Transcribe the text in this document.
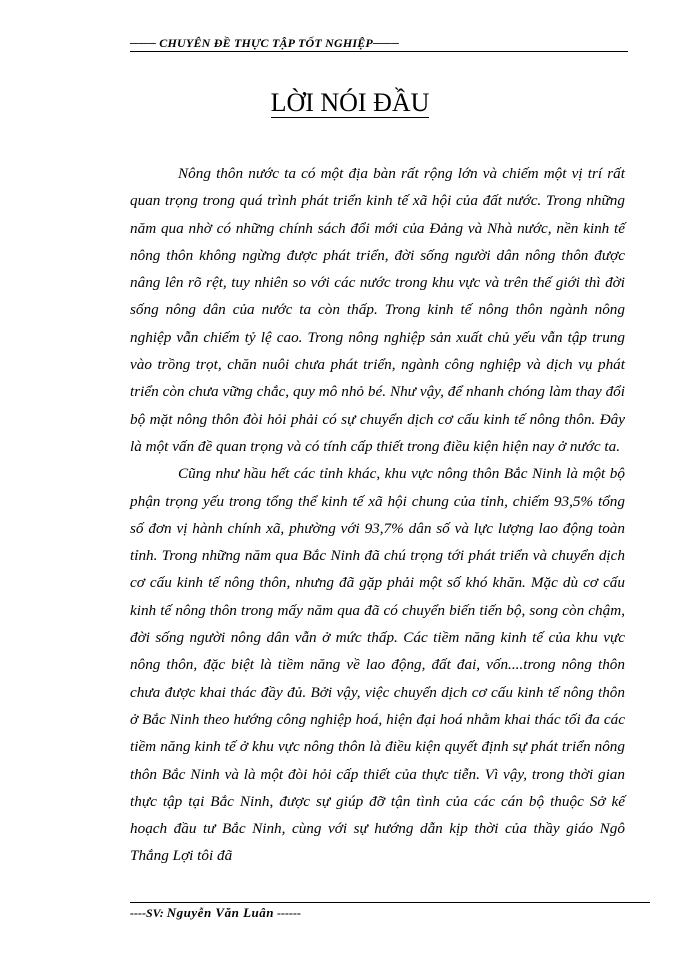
─── CHUYÊN ĐỀ THỰC TẬP TỐT NGHIỆP───
LỜI NÓI ĐẦU

Nông thôn nước ta có một địa bàn rất rộng lớn và chiếm một vị trí rất quan trọng trong quá trình phát triển kinh tế xã hội của đất nước. Trong những năm qua nhờ có những chính sách đổi mới của Đảng và Nhà nước, nền kinh tế nông thôn không ngừng được phát triển, đời sống người dân nông thôn được nâng lên rõ rệt, tuy nhiên so với các nước trong khu vực và trên thế giới thì đời sống nông dân của nước ta còn thấp. Trong kinh tế nông thôn ngành nông nghiệp vẫn chiếm tỷ lệ cao. Trong nông nghiệp sản xuất chủ yếu vẫn tập trung vào trồng trọt, chăn nuôi chưa phát triển, ngành công nghiệp và dịch vụ phát triển còn chưa vững chắc, quy mô nhỏ bé. Như vậy, để nhanh chóng làm thay đổi bộ mặt nông thôn đòi hỏi phải có sự chuyển dịch cơ cấu kinh tế nông thôn. Đây là một vấn đề quan trọng và có tính cấp thiết trong điều kiện hiện nay ở nước ta.

Cũng như hầu hết các tỉnh khác, khu vực nông thôn Bắc Ninh là một bộ phận trọng yếu trong tổng thể kinh tế xã hội chung của tỉnh, chiếm 93,5% tổng số đơn vị hành chính xã, phường với 93,7% dân số và lực lượng lao động toàn tỉnh. Trong những năm qua Bắc Ninh đã chú trọng tới phát triển và chuyển dịch cơ cấu kinh tế nông thôn, nhưng đã gặp phải một số khó khăn. Mặc dù cơ cấu kinh tế nông thôn trong mấy năm qua đã có chuyển biến tiến bộ, song còn chậm, đời sống người nông dân vẫn ở mức thấp. Các tiềm năng kinh tế của khu vực nông thôn, đặc biệt là tiềm năng về lao động, đất đai, vốn....trong nông thôn chưa được khai thác đầy đủ. Bởi vậy, việc chuyển dịch cơ cấu kinh tế nông thôn ở Bắc Ninh theo hướng công nghiệp hoá, hiện đại hoá nhằm khai thác tối đa các tiềm năng kinh tế ở khu vực nông thôn là điều kiện quyết định sự phát triển nông thôn Bắc Ninh và là một đòi hỏi cấp thiết của thực tiễn. Vì vậy, trong thời gian thực tập tại Bắc Ninh, được sự giúp đỡ tận tình của các cán bộ thuộc Sở kế hoạch đầu tư Bắc Ninh, cùng với sự hướng dẫn kịp thời của thầy giáo Ngô Thắng Lợi tôi đã

----SV: Nguyễn Văn Luân ------
